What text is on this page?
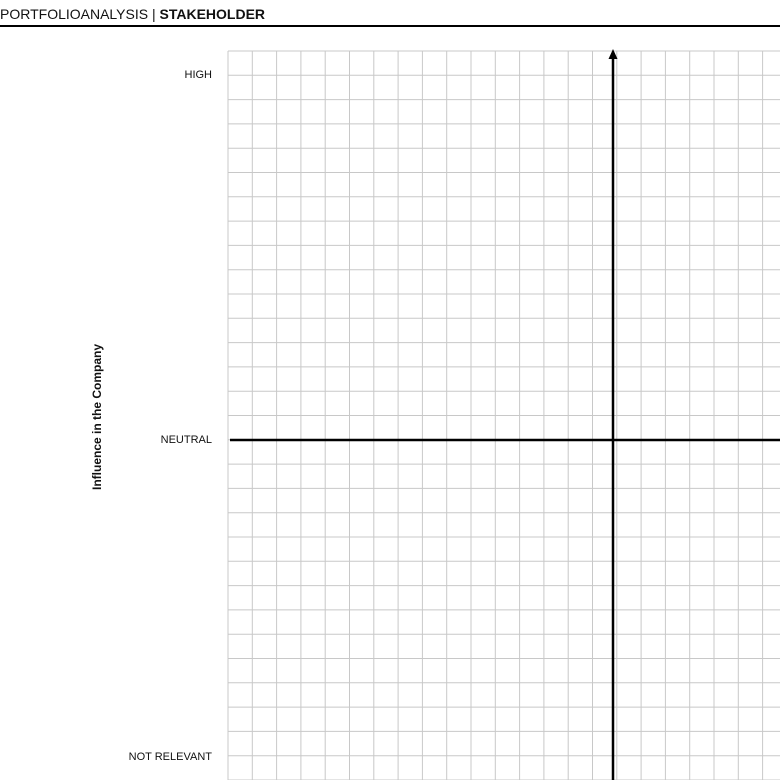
PORTFOLIOANALYSIS | STAKEHOLDER
HIGH
NEUTRAL
NOT RELEVANT
Influence in the Company
